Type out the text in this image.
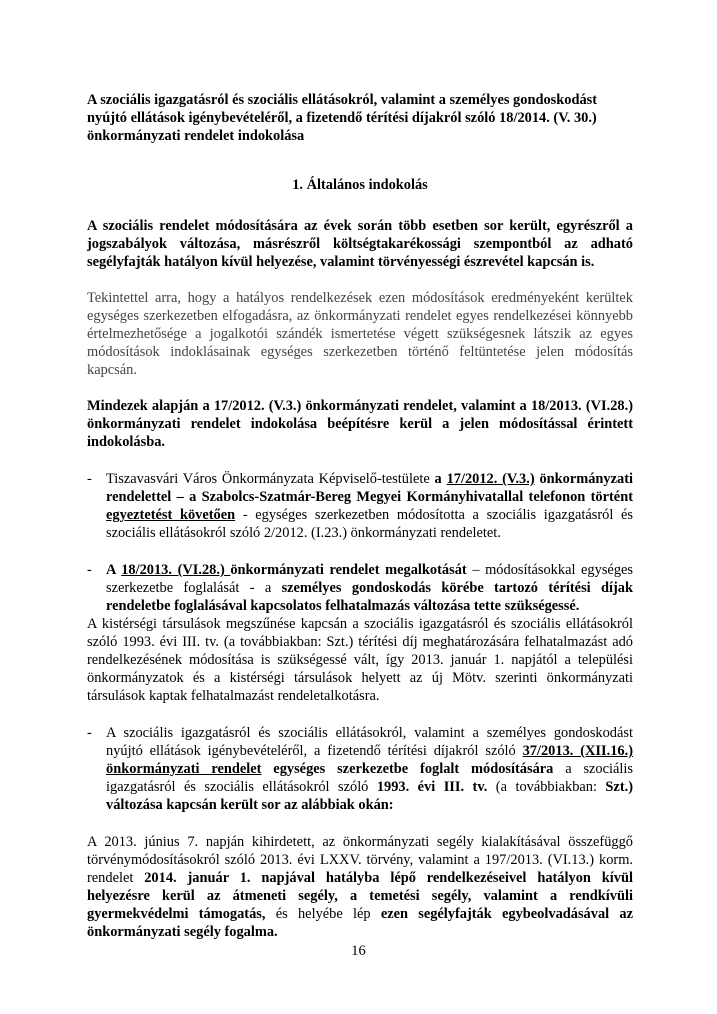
A szociális igazgatásról és szociális ellátásokról, valamint a személyes gondoskodást nyújtó ellátások igénybevételéről, a fizetendő térítési díjakról szóló 18/2014. (V. 30.) önkormányzati rendelet indokolása

1. Általános indokolás

A szociális rendelet módosítására az évek során több esetben sor került, egyrészről a jogszabályok változása, másrészről költségtakarékossági szempontból az adható segélyfajták hatályon kívül helyezése, valamint törvényességi észrevétel kapcsán is.

Tekintettel arra, hogy a hatályos rendelkezések ezen módosítások eredményeként kerültek egységes szerkezetben elfogadásra, az önkormányzati rendelet egyes rendelkezései könnyebb értelmezhetősége a jogalkotói szándék ismertetése végett szükségesnek látszik az egyes módosítások indoklásainak egységes szerkezetben történő feltüntetése jelen módosítás kapcsán.

Mindezek alapján a 17/2012. (V.3.) önkormányzati rendelet, valamint a 18/2013. (VI.28.) önkormányzati rendelet indokolása beépítésre kerül a jelen módosítással érintett indokolásba.

- Tiszavasvári Város Önkormányzata Képviselő-testülete a 17/2012. (V.3.) önkormányzati rendelettel – a Szabolcs-Szatmár-Bereg Megyei Kormányhivatallal telefonon történt egyeztetést követően - egységes szerkezetben módosította a szociális igazgatásról és szociális ellátásokról szóló 2/2012. (I.23.) önkormányzati rendeletet.
- A 18/2013. (VI.28.) önkormányzati rendelet megalkotását – módosításokkal egységes szerkezetbe foglalását - a személyes gondoskodás körébe tartozó térítési díjak rendeletbe foglalásával kapcsolatos felhatalmazás változása tette szükségessé.

A kistérségi társulások megszűnése kapcsán a szociális igazgatásról és szociális ellátásokról szóló 1993. évi III. tv. (a továbbiakban: Szt.) térítési díj meghatározására felhatalmazást adó rendelkezésének módosítása is szükségessé vált, így 2013. január 1. napjától a települési önkormányzatok és a kistérségi társulások helyett az új Mötv. szerinti önkormányzati társulások kaptak felhatalmazást rendeletalkotásra.

- A szociális igazgatásról és szociális ellátásokról, valamint a személyes gondoskodást nyújtó ellátások igénybevételéről, a fizetendő térítési díjakról szóló 37/2013. (XII.16.) önkormányzati rendelet egységes szerkezetbe foglalt módosítására a szociális igazgatásról és szociális ellátásokról szóló 1993. évi III. tv. (a továbbiakban: Szt.) változása kapcsán került sor az alábbiak okán:

A 2013. június 7. napján kihirdetett, az önkormányzati segély kialakításával összefüggő törvénymódosításokról szóló 2013. évi LXXV. törvény, valamint a 197/2013. (VI.13.) korm. rendelet 2014. január 1. napjával hatályba lépő rendelkezéseivel hatályon kívül helyezésre kerül az átmeneti segély, a temetési segély, valamint a rendkívüli gyermekvédelmi támogatás, és helyébe lép ezen segélyfajták egybeolvadásával az önkormányzati segély fogalma.

16
